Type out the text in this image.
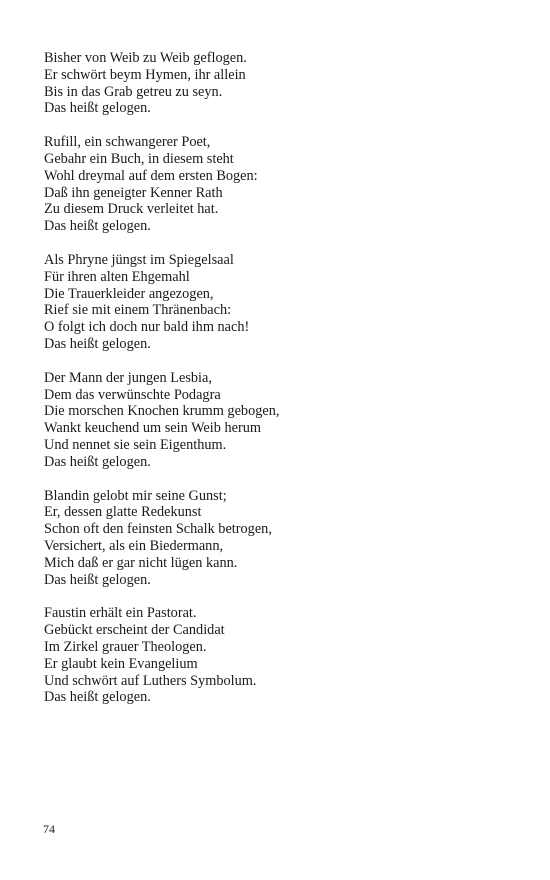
Bisher von Weib zu Weib geflogen.
Er schwört beym Hymen, ihr allein
Bis in das Grab getreu zu seyn.
Das heißt gelogen.
Rufill, ein schwangerer Poet,
Gebahr ein Buch, in diesem steht
Wohl dreymal auf dem ersten Bogen:
Daß ihn geneigter Kenner Rath
Zu diesem Druck verleitet hat.
Das heißt gelogen.
Als Phryne jüngst im Spiegelsaal
Für ihren alten Ehgemahl
Die Trauerkleider angezogen,
Rief sie mit einem Thränenbach:
O folgt ich doch nur bald ihm nach!
Das heißt gelogen.
Der Mann der jungen Lesbia,
Dem das verwünschte Podagra
Die morschen Knochen krumm gebogen,
Wankt keuchend um sein Weib herum
Und nennet sie sein Eigenthum.
Das heißt gelogen.
Blandin gelobt mir seine Gunst;
Er, dessen glatte Redekunst
Schon oft den feinsten Schalk betrogen,
Versichert, als ein Biedermann,
Mich daß er gar nicht lügen kann.
Das heißt gelogen.
Faustin erhält ein Pastorat.
Gebückt erscheint der Candidat
Im Zirkel grauer Theologen.
Er glaubt kein Evangelium
Und schwört auf Luthers Symbolum.
Das heißt gelogen.
74
